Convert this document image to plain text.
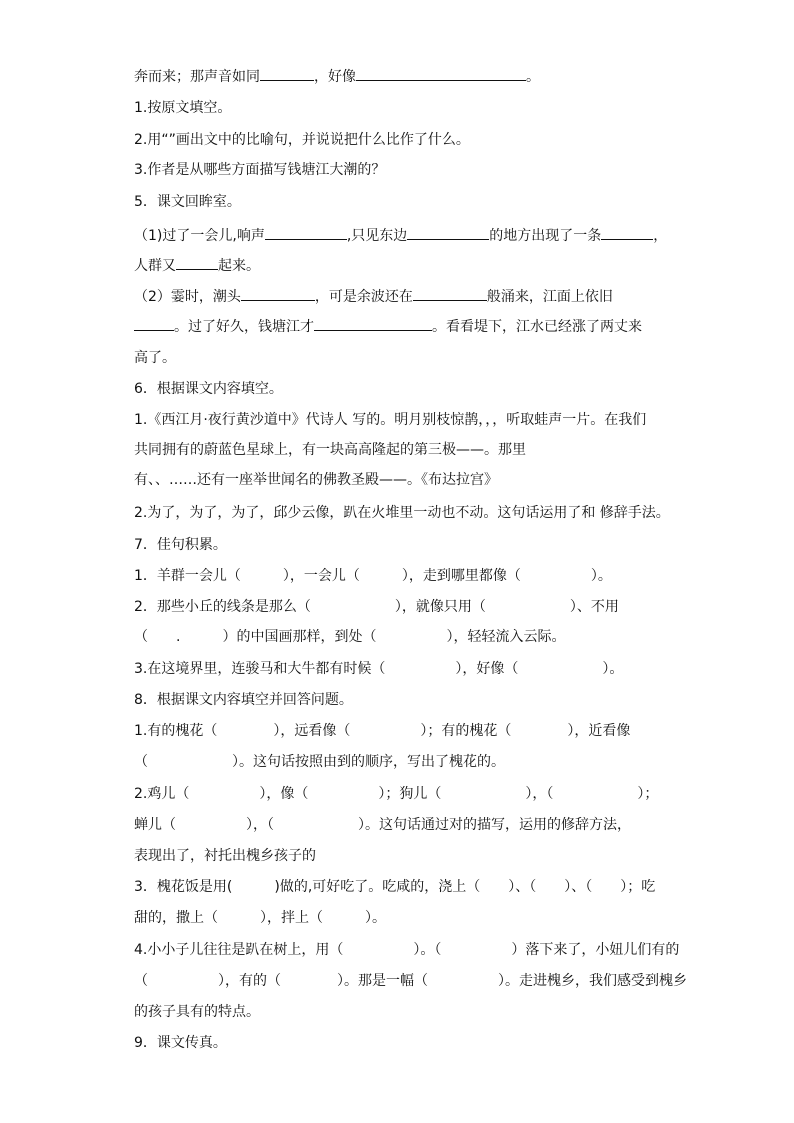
奔而来；那声音如同	，好像	。
1.按原文填空。
2.用“”画出文中的比喻句，并说说把什么比作了什么。
3.作者是从哪些方面描写钱塘江大潮的？
5．课文回眸室。
（1)过了一会儿,响声	,只见东边	的地方出现了一条	，
人群又	起来。
（2）霎时，潮头	，可是余波还在	般涌来，江面上依旧
。过了好久，钱塘江才	。看看堤下，江水已经涨了两丈来
高了。
6．根据课文内容填空。
1.《西江月·夜行黄沙道中》代诗人 写的。明月别枝惊鹊，，，听取蛙声一片。在我们
共同拥有的蔚蓝色星球上，有一块高高隆起的第三极——。那里
有、、……还有一座举世闻名的佛教圣殿——。《布达拉宫》
2.为了，为了，为了，邱少云像，趴在火堆里一动也不动。这句话运用了和 修辞手法。
7．佳句积累。
1．羊群一会儿（　　　），一会儿（　　　），走到哪里都像（　　　　　）。
2．那些小丘的线条是那么（　　　　　　），就像只用（　　　　　　）、不用
（　　.　　　）的中国画那样，到处（　　　　　），轻轻流入云际。
3.在这境界里，连骏马和大牛都有时候（　　　　　），好像（　　　　　　）。
8．根据课文内容填空并回答问题。
1.有的槐花（　　　　），远看像（　　　　　）；有的槐花（　　　　），近看像
（　　　　　　）。这句话按照由到的顺序，写出了槐花的。
2.鸡儿（　　　　　），像（　　　　　）；狗儿（　　　　　　），（　　　　　　）；
蝉儿（　　　　　），（　　　　　　）。这句话通过对的描写，运用的修辞方法，
表现出了，衬托出槐乡孩子的
3．槐花饭是用(　　　)做的,可好吃了。吃咸的，浇上（　　）、（　　）、（　　）；吃
甜的，撒上（　　　），拌上（　　　）。
4.小小子儿往往是趴在树上，用（　　　　　）。（　　　　　）落下来了，小妞儿们有的
（　　　　　），有的（　　　　）。那是一幅（　　　　　）。走进槐乡，我们感受到槐乡
的孩子具有的特点。
9．课文传真。
